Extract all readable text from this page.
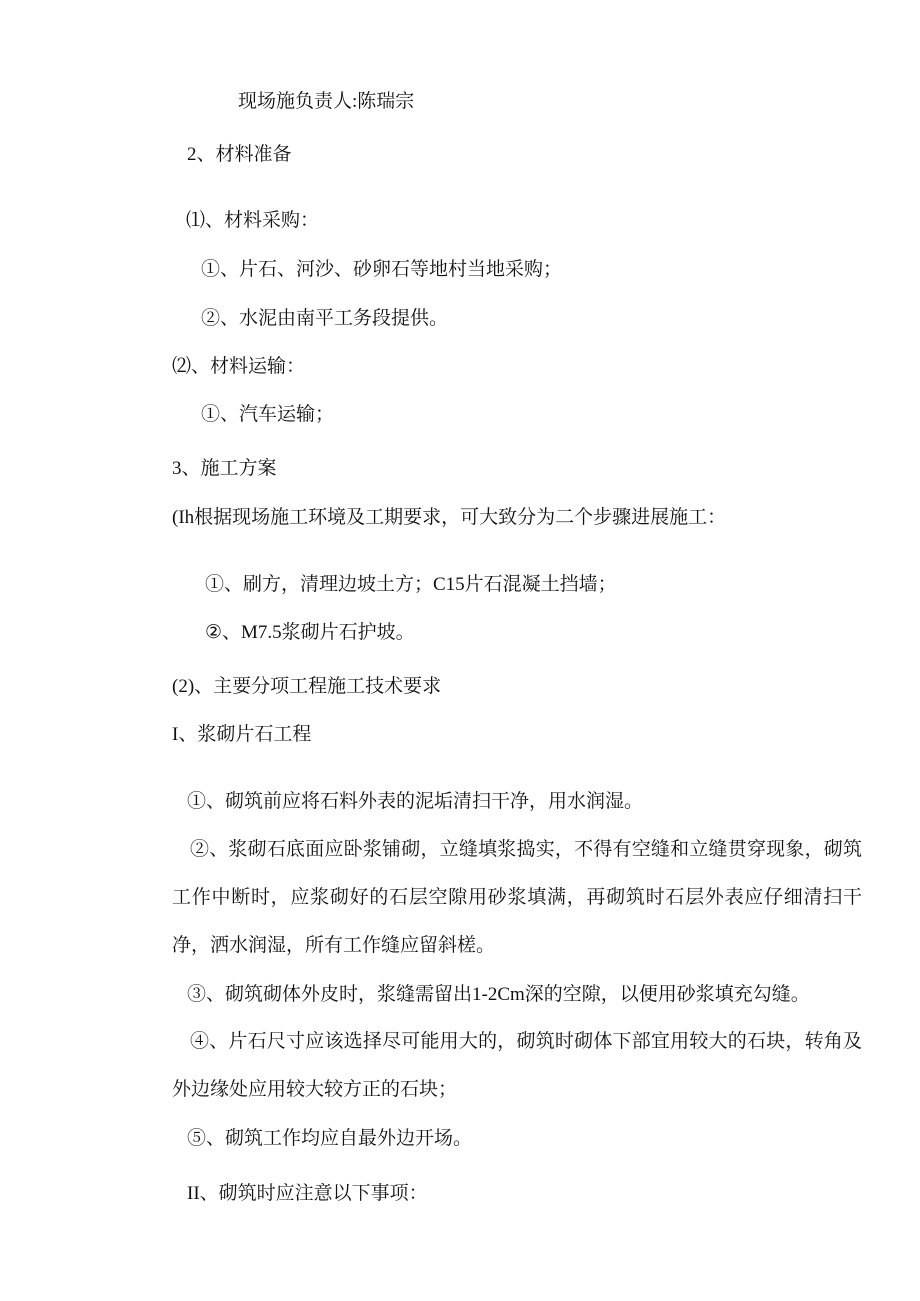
现场施负责人:陈瑞宗
2、材料准备
⑴、材料采购：
①、片石、河沙、砂卵石等地村当地采购；
②、水泥由南平工务段提供。
⑵、材料运输：
①、汽车运输；
3、施工方案
(Ih根据现场施工环境及工期要求，可大致分为二个步骤进展施工：
①、刷方，清理边坡土方；C15片石混凝土挡墙；
②、M7.5浆砌片石护坡。
(2)、主要分项工程施工技术要求
I、浆砌片石工程
①、砌筑前应将石料外表的泥垢清扫干净，用水润湿。
②、浆砌石底面应卧浆铺砌，立缝填浆捣实，不得有空缝和立缝贯穿现象，砌筑工作中断时，应浆砌好的石层空隙用砂浆填满，再砌筑时石层外表应仔细清扫干净，洒水润湿，所有工作缝应留斜槎。
③、砌筑砌体外皮时，浆缝需留出1-2Cm深的空隙，以便用砂浆填充勾缝。
④、片石尺寸应该选择尽可能用大的，砌筑时砌体下部宜用较大的石块，转角及外边缘处应用较大较方正的石块；
⑤、砌筑工作均应自最外边开场。
II、砌筑时应注意以下事项：
